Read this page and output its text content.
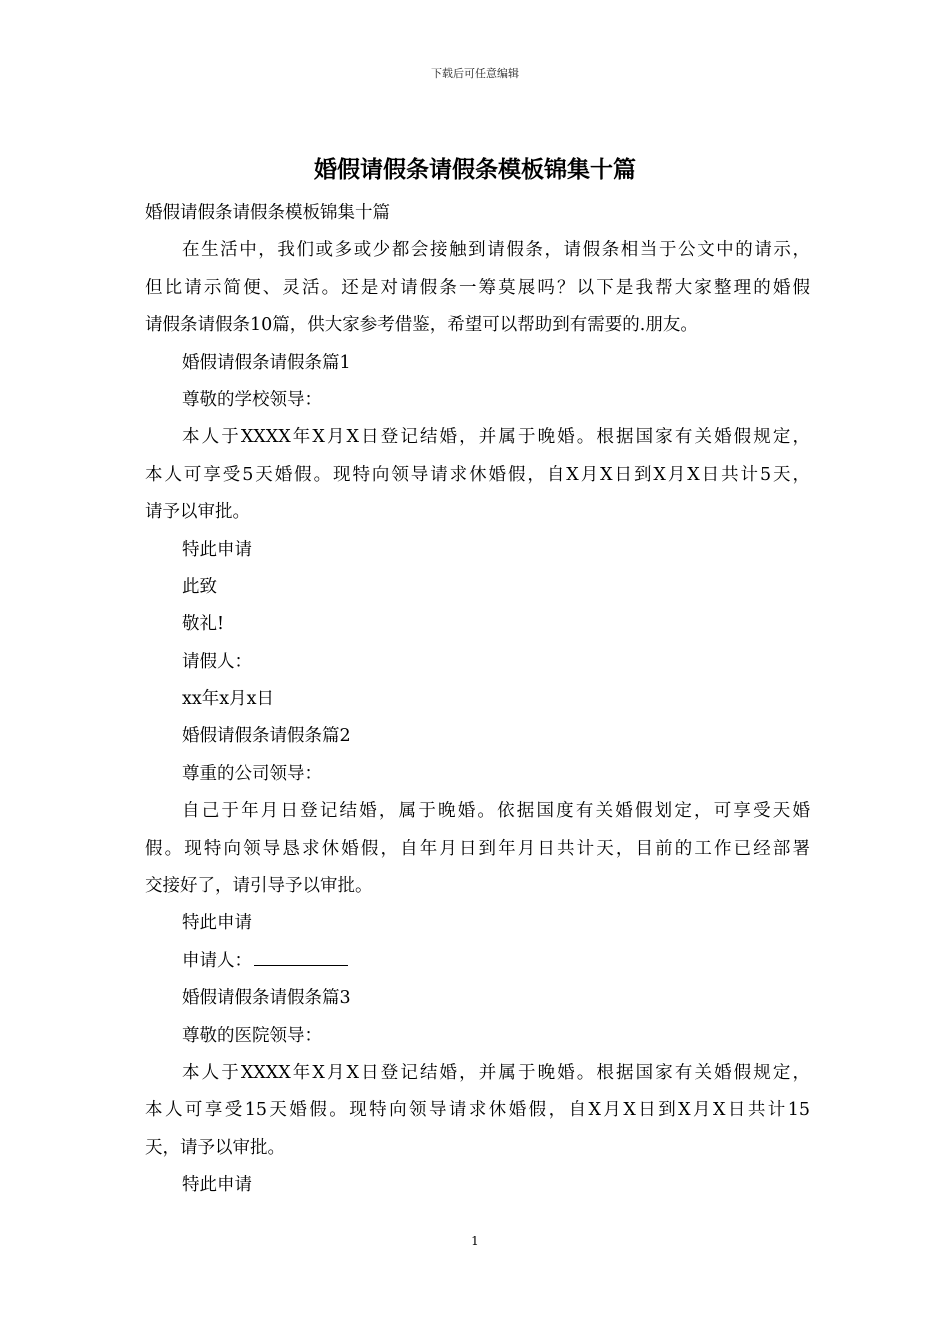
下载后可任意编辑
婚假请假条请假条模板锦集十篇
婚假请假条请假条模板锦集十篇
在生活中，我们或多或少都会接触到请假条，请假条相当于公文中的请示，
但比请示简便、灵活。还是对请假条一筹莫展吗？以下是我帮大家整理的婚假
请假条请假条10篇，供大家参考借鉴，希望可以帮助到有需要的.朋友。
婚假请假条请假条篇1
尊敬的学校领导：
本人于XXXX年X月X日登记结婚，并属于晚婚。根据国家有关婚假规定，
本人可享受5天婚假。现特向领导请求休婚假，自X月X日到X月X日共计5天，
请予以审批。
特此申请
此致
敬礼!
请假人：
xx年x月x日
婚假请假条请假条篇2
尊重的公司领导：
自己于年月日登记结婚，属于晚婚。依据国度有关婚假划定，可享受天婚
假。现特向领导恳求休婚假，自年月日到年月日共计天，目前的工作已经部署
交接好了，请引导予以审批。
特此申请
申请人：
婚假请假条请假条篇3
尊敬的医院领导：
本人于XXXX年X月X日登记结婚，并属于晚婚。根据国家有关婚假规定，
本人可享受15天婚假。现特向领导请求休婚假，自X月X日到X月X日共计15
天，请予以审批。
特此申请
1
